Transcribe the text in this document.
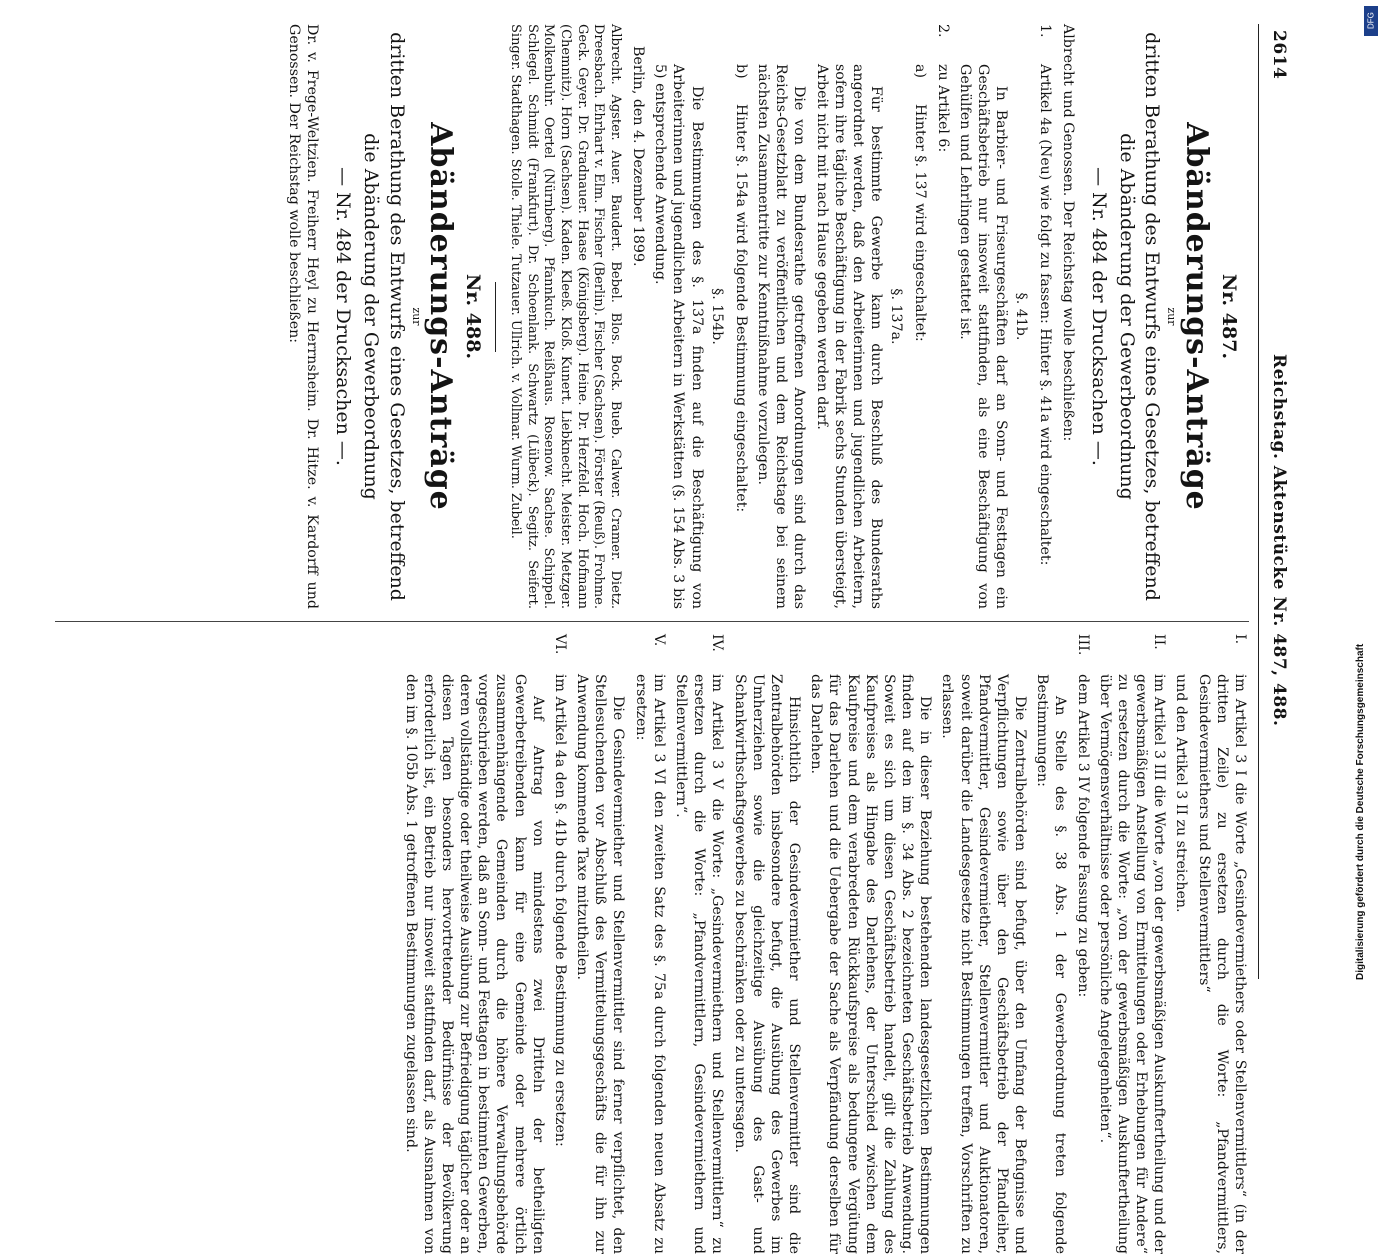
2614
Reichstag. Aktenstücke Nr. 487, 488.
Nr. 487.
Abänderungs-Anträge
zur
dritten Berathung des Entwurfs eines Gesetzes, betreffend die Abänderung der Gewerbeordnung
— Nr. 484 der Drucksachen —.

Albrecht und Genossen. Der Reichstag wolle beschließen:

1.
Artikel 4a (Neu) wie folgt zu fassen: Hinter §. 41a wird eingeschaltet:
§. 41b.

In Barbier- und Friseurgeschäften darf an Sonn- und Festtagen ein Geschäftsbetrieb nur insoweit stattfinden, als eine Beschäftigung von Gehülfen und Lehrlingen gestattet ist.

2.
zu Artikel 6:
a)
Hinter §. 137 wird eingeschaltet:
§. 137a.

Für bestimmte Gewerbe kann durch Beschluß des Bundesraths angeordnet werden, daß den Arbeiterinnen und jugendlichen Arbeitern, sofern ihre tägliche Beschäftigung in der Fabrik sechs Stunden übersteigt, Arbeit nicht mit nach Hause gegeben werden darf.

Die von dem Bundesrathe getroffenen Anordnungen sind durch das Reichs-Gesetzblatt zu veröffentlichen und dem Reichstage bei seinem nächsten Zusammentritte zur Kenntnißnahme vorzulegen.

b)
Hinter §. 154a wird folgende Bestimmung eingeschaltet:
§. 154b.

Die Bestimmungen des §. 137a finden auf die Beschäftigung von Arbeiterinnen und jugendlichen Arbeitern in Werkstätten (§. 154 Abs. 3 bis 5) entsprechende Anwendung.

Berlin, den 4. Dezember 1899.

Albrecht. Agster. Auer. Baudert. Bebel. Blos. Bock. Bueb. Calwer. Cramer. Dietz. Dreesbach. Ehrhart v. Elm. Fischer (Berlin). Fischer (Sachsen). Förster (Reuß). Frohme. Geck. Geyer. Dr. Gradnauer. Haase (Königsberg). Heine. Dr. Herzfeld. Hoch. Hofmann (Chemnitz). Horn (Sachsen). Kaden. Kleeß. Kloß. Kunert. Liebknecht. Meister. Metzger. Molkenbuhr. Oertel (Nürnberg). Pfannkuch. Reißhaus. Rosenow. Sachse. Schippel. Schlegel. Schmidt (Frankfurt). Dr. Schoenlank. Schwartz (Lübeck). Segitz. Seifert. Singer. Stadthagen. Stolle. Thiele. Tutzauer. Ullrich. v. Vollmar. Wurm. Zubeil.

Nr. 488.
Abänderungs-Anträge
zur
dritten Berathung des Entwurfs eines Gesetzes, betreffend die Abänderung der Gewerbeordnung
— Nr. 484 der Drucksachen —.

Dr. v. Frege-Weltzien. Freiherr Heyl zu Herrnsheim. Dr. Hitze. v. Kardorff und Genossen. Der Reichstag wolle beschließen:

I.
im Artikel 3 I die Worte „Gesindevermiethers oder Stellenvermittlers“ (in der dritten Zeile) zu ersetzen durch die Worte: „Pfandvermittlers, Gesindevermiethers und Stellenvermittlers“

und den Artikel 3 II zu streichen.

II.
im Artikel 3 III die Worte „von der gewerbsmäßigen Auskunftertheilung und der gewerbsmäßigen Anstellung von Ermittelungen oder Erhebungen für Andere“ zu ersetzen durch die Worte: „von der gewerbsmäßigen Auskunftertheilung über Vermögensverhältnisse oder persönliche Angelegenheiten“.
III.
dem Artikel 3 IV folgende Fassung zu geben:

An Stelle des §. 38 Abs. 1 der Gewerbeordnung treten folgende Bestimmungen:

Die Zentralbehörden sind befugt, über den Umfang der Befugnisse und Verpflichtungen sowie über den Geschäftsbetrieb der Pfandleiher, Pfandvermittler, Gesindevermiether, Stellenvermittler und Auktionatoren, soweit darüber die Landesgesetze nicht Bestimmungen treffen, Vorschriften zu erlassen.

Die in dieser Beziehung bestehenden landesgesetzlichen Bestimmungen finden auf den im §. 34 Abs. 2 bezeichneten Geschäftsbetrieb Anwendung. Soweit es sich um diesen Geschäftsbetrieb handelt, gilt die Zahlung des Kaufpreises als Hingabe des Darlehens, der Unterschied zwischen dem Kaufpreise und dem verabredeten Rückkaufspreise als bedungene Vergütung für das Darlehen und die Uebergabe der Sache als Verpfändung derselben für das Darlehen.

Hinsichtlich der Gesindevermiether und Stellenvermittler sind die Zentralbehörden insbesondere befugt, die Ausübung des Gewerbes im Umherziehen sowie die gleichzeitige Ausübung des Gast- und Schankwirthschaftsgewerbes zu beschränken oder zu untersagen.

IV.
im Artikel 3 V die Worte: „Gesindevermiethern und Stellenvermittlern“ zu ersetzen durch die Worte: „Pfandvermittlern, Gesindevermiethern und Stellenvermittlern“.
V.
im Artikel 3 VI den zweiten Satz des §. 75a durch folgenden neuen Absatz zu ersetzen:

Die Gesindevermiether und Stellenvermittler sind ferner verpflichtet, den Stellesuchenden vor Abschluß des Vermittelungsgeschäfts die für ihn zur Anwendung kommende Taxe mitzutheilen.

VI.
im Artikel 4a den §. 41b durch folgende Bestimmung zu ersetzen:

Auf Antrag von mindestens zwei Dritteln der betheiligten Gewerbetreibenden kann für eine Gemeinde oder mehrere örtlich zusammenhängende Gemeinden durch die höhere Verwaltungsbehörde vorgeschrieben werden, daß an Sonn- und Festtagen in bestimmten Gewerben, deren vollständige oder theilweise Ausübung zur Befriedigung täglicher oder an diesen Tagen besonders hervortretender Bedürfnisse der Bevölkerung erforderlich ist, ein Betrieb nur insoweit stattfinden darf, als Ausnahmen von den im §. 105b Abs. 1 getroffenen Bestimmungen zugelassen sind.

DFG
Digitalisierung gefördert durch die Deutsche Forschungsgemeinschaft
